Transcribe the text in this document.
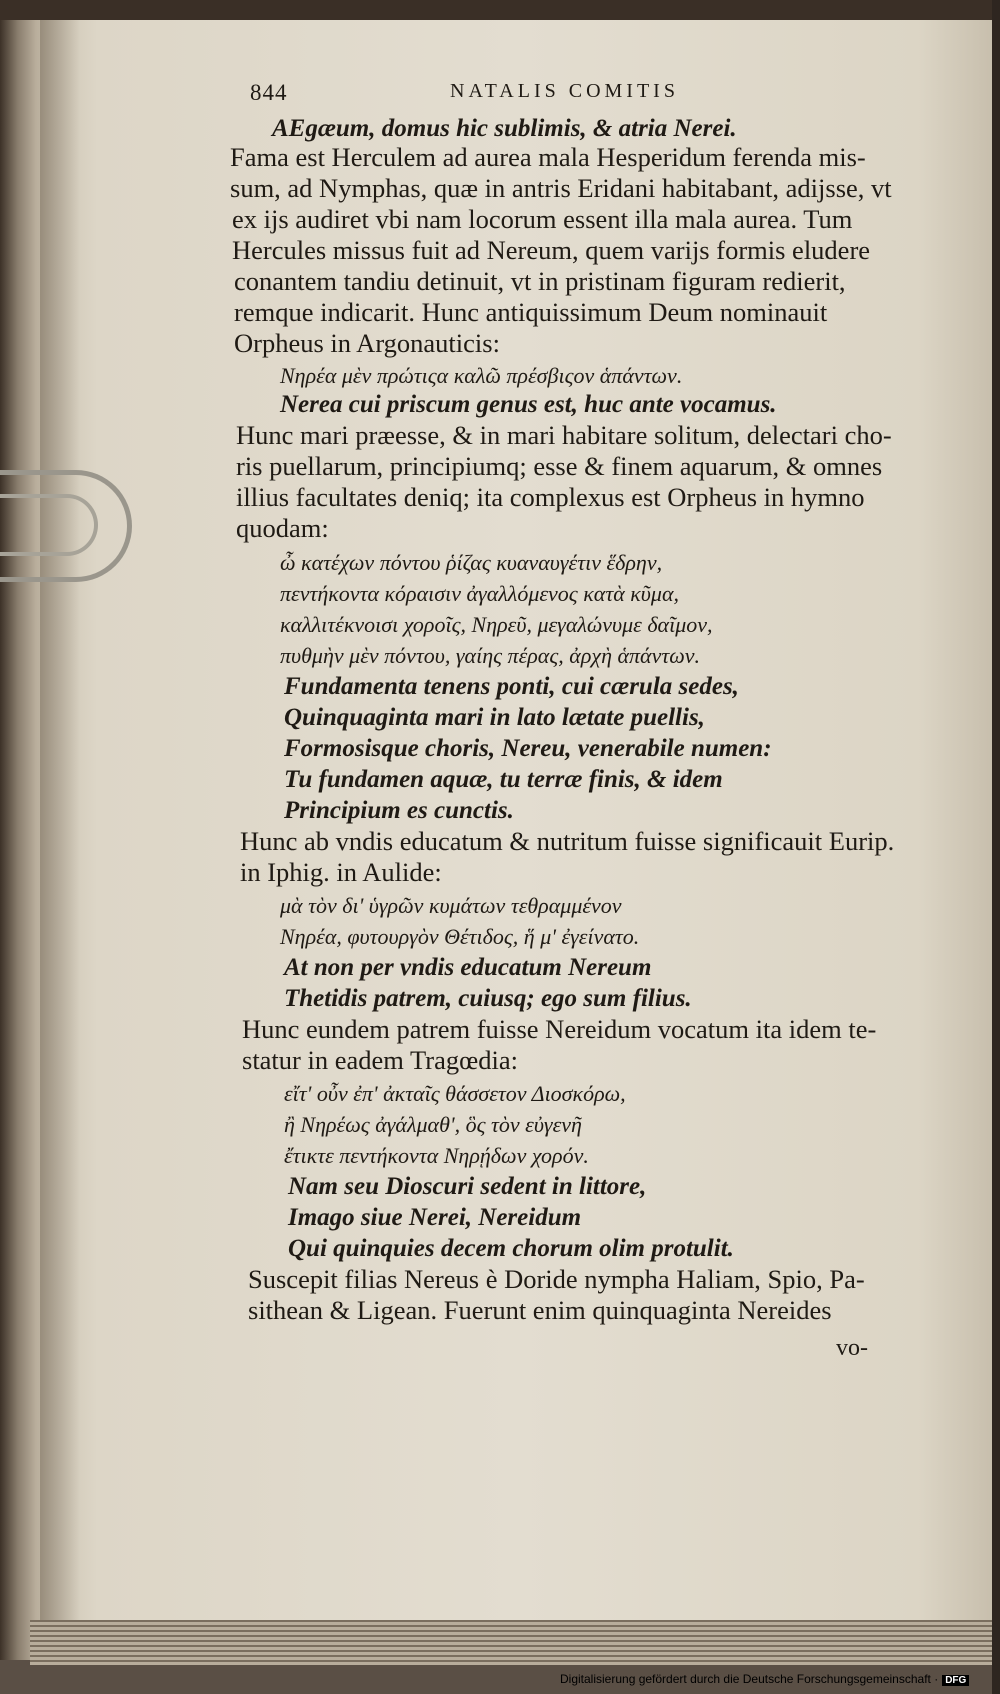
844	NATALIS COMITIS
AEgæum, domus hic sublimis, & atria Nerei.
Fama est Herculem ad aurea mala Hesperidum ferenda mis-
sum, ad Nymphas, quæ in antris Eridani habitabant, adijsse, vt
ex ijs audiret vbi nam locorum essent illa mala aurea. Tum
Hercules missus fuit ad Nereum, quem varijs formis eludere
conantem tandiu detinuit, vt in pristinam figuram redierit,
remque indicarit. Hunc antiquissimum Deum nominauit
Orpheus in Argonauticis:
Νηρέα μὲν πρώτιςα καλῶ πρέσβιςον ἁπάντων.
Nerea cui priscum genus est, huc ante vocamus.
Hunc mari præesse, & in mari habitare solitum, delectari cho-
ris puellarum, principiumq; esse & finem aquarum, & omnes
illius facultates deniq; ita complexus est Orpheus in hymno
quodam:
ὦ κατέχων πόντου ῥίζας κυαναυγέτιν ἕδρην,
πεντήκοντα κόραισιν ἀγαλλόμενος κατὰ κῦμα,
καλλιτέκνοισι χοροῖς, Νηρεῦ, μεγαλώνυμε δαῖμον,
πυθμὴν μὲν πόντου, γαίης πέρας, ἀρχὴ ἁπάντων.
Fundamenta tenens ponti, cui cærula sedes,
Quinquaginta mari in lato lætate puellis,
Formosisque choris, Nereu, venerabile numen:
Tu fundamen aquæ, tu terræ finis, & idem
Principium es cunctis.
Hunc ab vndis educatum & nutritum fuisse significauit Eurip.
in Iphig. in Aulide:
μὰ τὸν δι' ὑγρῶν κυμάτων τεθραμμένον
Νηρέα, φυτουργὸν Θέτιδος, ἥ μ' ἐγείνατο.
At non per vndis educatum Nereum
Thetidis patrem, cuiusq; ego sum filius.
Hunc eundem patrem fuisse Nereidum vocatum ita idem te-
statur in eadem Tragœdia:
εἴτ' οὖν ἐπ' ἀκταῖς θάσσετον Διοσκόρω,
ἢ Νηρέως ἀγάλμαθ', ὃς τὸν εὐγενῆ
ἔτικτε πεντήκοντα Νηρῄδων χορόν.
Nam seu Dioscuri sedent in littore,
Imago siue Nerei, Nereidum
Qui quinquies decem chorum olim protulit.
Suscepit filias Nereus è Doride nympha Haliam, Spio, Pa-
sithean & Ligean. Fuerunt enim quinquaginta Nereides
vo-
Digitalisierung gefördert durch die Deutsche Forschungsgemeinschaft · DFG
